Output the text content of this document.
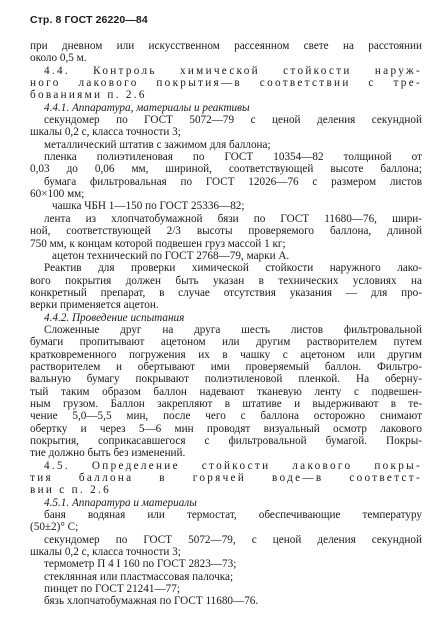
Стр. 8 ГОСТ 26220—84
при дневном или искусственном рассеянном свете на расстоянии
около 0,5 м.
4.4. Контроль химической стойкости наруж-
ного лакового покрытия—в соответствии с тре-
бованиями п. 2.6
4.4.1. Аппаратура, материалы и реактивы
секундомер по ГОСТ 5072—79 с ценой деления секундной
шкалы 0,2 с, класса точности 3;
металлический штатив с зажимом для баллона;
пленка полиэтиленовая по ГОСТ 10354—82 толщиной от
0,03 до 0,06 мм, шириной, соответствующей высоте баллона;
бумага фильтровальная по ГОСТ 12026—76 с размером листов
60×100 мм;
чашка ЧБН 1—150 по ГОСТ 25336—82;
лента из хлопчатобумажной бязи по ГОСТ 11680—76, шири-
ной, соответствующей 2/3 высоты проверяемого баллона, длиной
750 мм, к концам которой подвешен груз массой 1 кг;
ацетон технический по ГОСТ 2768—79, марки А.
Реактив для проверки химической стойкости наружного лако-
вого покрытия должен быть указан в технических условиях на
конкретный препарат, в случае отсутствия указания — для про-
верки применяется ацетон.
4.4.2. Проведение испытания
Сложенные друг на друга шесть листов фильтровальной
бумаги пропитывают ацетоном или другим растворителем путем
кратковременного погружения их в чашку с ацетоном или другим
растворителем и обертывают ими проверяемый баллон. Фильтро-
вальную бумагу покрывают полиэтиленовой пленкой. На оберну-
тый таким образом баллон надевают тканевую ленту с подвешен-
ным грузом. Баллон закрепляют в штативе и выдерживают в те-
чение 5,0—5,5 мин, после чего с баллона осторожно снимают
обертку и через 5—6 мин проводят визуальный осмотр лакового
покрытия, соприкасавшегося с фильтровальной бумагой. Покры-
тие должно быть без изменений.
4.5. Определение стойкости лакового покры-
тия баллона в горячей воде—в соответст-
вии с п. 2.6
4.5.1. Аппаратура и материалы
баня водяная или термостат, обеспечивающие температуру
(50±2)° С;
секундомер по ГОСТ 5072—79, с ценой деления секундной
шкалы 0,2 с, класса точности 3;
термометр П 4 I 160 по ГОСТ 2823—73;
стеклянная или пластмассовая палочка;
пинцет по ГОСТ 21241—77;
бязь хлопчатобумажная по ГОСТ 11680—76.
